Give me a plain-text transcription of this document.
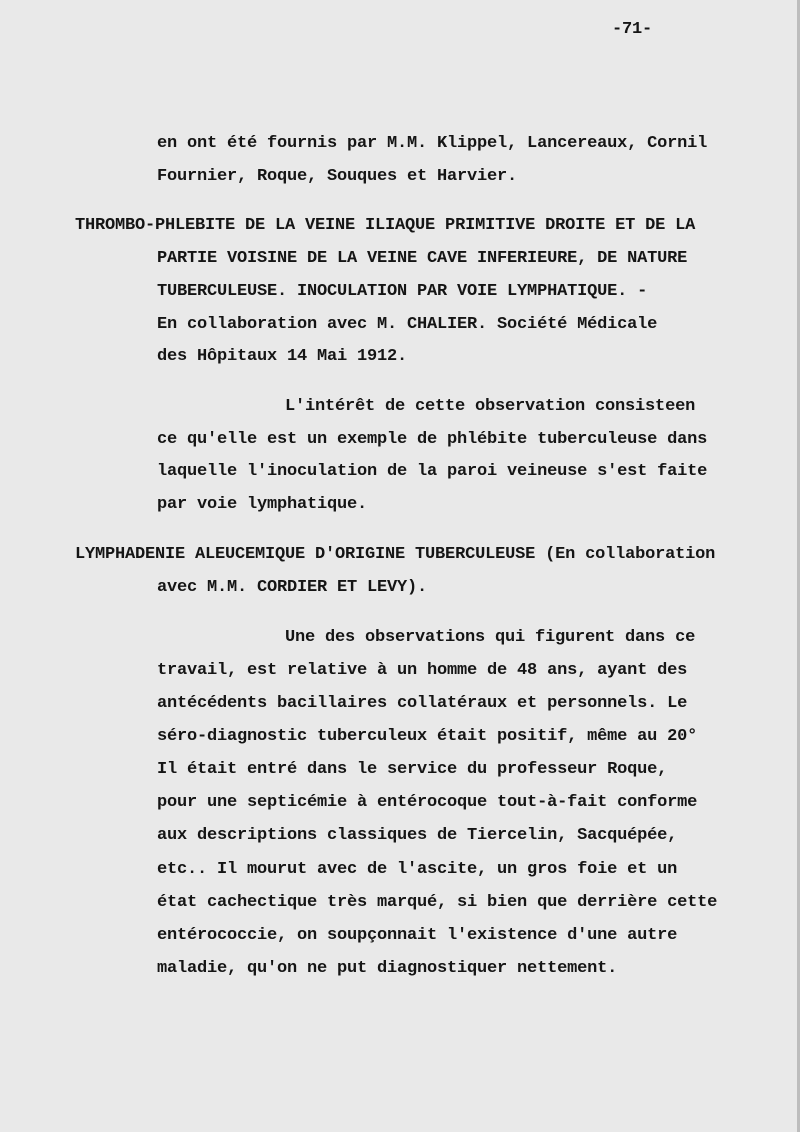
-71-
en ont été fournis par M.M. Klippel, Lancereaux, Cornil
Fournier, Roque, Souques et Harvier.
THROMBO-PHLEBITE DE LA VEINE ILIAQUE PRIMITIVE DROITE ET DE LA
PARTIE VOISINE DE LA VEINE CAVE INFERIEURE, DE NATURE
TUBERCULEUSE. INOCULATION PAR VOIE LYMPHATIQUE. -
En collaboration avec M. CHALIER. Société Médicale
des Hôpitaux 14 Mai 1912.
L'intérêt de cette observation consisteen
ce qu'elle est un exemple de phlébite tuberculeuse dans
laquelle l'inoculation de la paroi veineuse s'est faite
par voie lymphatique.
LYMPHADENIE ALEUCEMIQUE D'ORIGINE TUBERCULEUSE (En collaboration
avec M.M. CORDIER ET LEVY).
Une des observations qui figurent dans ce
travail, est relative à un homme de 48 ans, ayant des
antécédents bacillaires collatéraux et personnels. Le
séro-diagnostic tuberculeux était positif, même au 20°
Il était entré dans le service du professeur Roque,
pour une septicémie à entérocoque tout-à-fait conforme
aux descriptions classiques de Tiercelin, Sacquépée,
etc.. Il mourut avec de l'ascite, un gros foie et un
état cachectique très marqué, si bien que derrière cette
entérococcie, on soupçonnait l'existence d'une autre
maladie, qu'on ne put diagnostiquer nettement.
